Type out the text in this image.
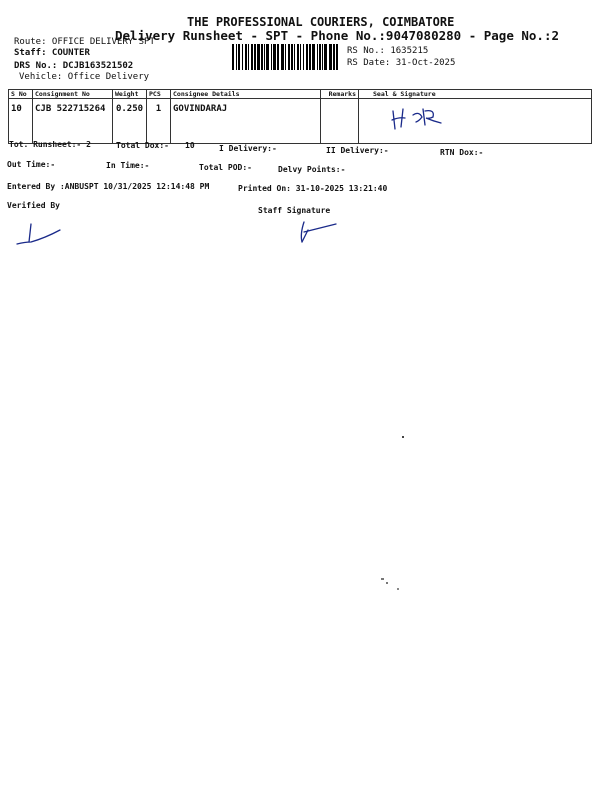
THE PROFESSIONAL COURIERS, COIMBATORE
Delivery Runsheet - SPT - Phone No.:9047080280 - Page No.:2
Route: OFFICE DELIVERY SPT
Staff: COUNTER
DRS No.: DCJB163521502
Vehicle: Office Delivery
RS No.: 1635215
RS Date: 31-Oct-2025
S No	Consignment No	Weight	PCS	Consignee Details	Remarks	Seal & Signature
10	CJB 522715264	0.250	1	GOVINDARAJ		
Tot. Runsheet:- 2	Total Dox:- 10	I Delivery:-	II Delivery:-	RTN Dox:-
Out Time:-	In Time:-	Total POD:-	Delvy Points:-
Entered By :ANBUSPT 10/31/2025 12:14:48 PM	Printed On: 31-10-2025 13:21:40
Verified By
Staff Signature
